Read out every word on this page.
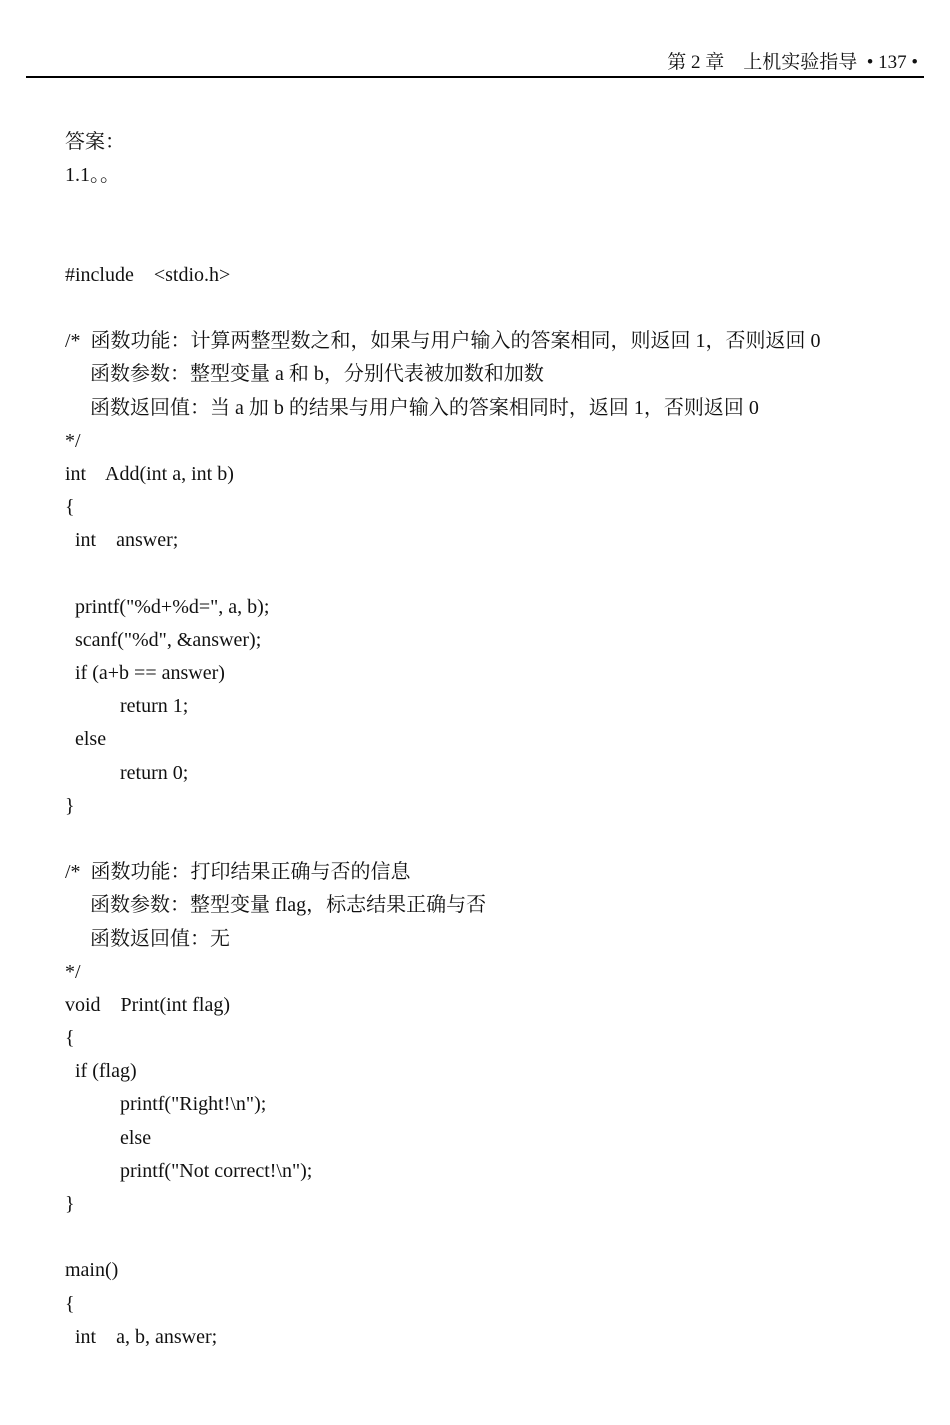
第 2 章　上机实验指导  • 137 •
答案：
1.1。。
#include    <stdio.h>
/*  函数功能：计算两整型数之和，如果与用户输入的答案相同，则返回 1，否则返回 0
函数参数：整型变量 a 和 b，分别代表被加数和加数
函数返回值：当 a 加 b 的结果与用户输入的答案相同时，返回 1，否则返回 0
*/
int    Add(int a, int b)
{
int    answer;
printf("%d+%d=", a, b);
scanf("%d", &answer);
if (a+b == answer)
return 1;
else
return 0;
}
/*  函数功能：打印结果正确与否的信息
函数参数：整型变量 flag，标志结果正确与否
函数返回值：无
*/
void    Print(int flag)
{
if (flag)
printf("Right!\n");
else
printf("Not correct!\n");
}
main()
{
int    a, b, answer;
